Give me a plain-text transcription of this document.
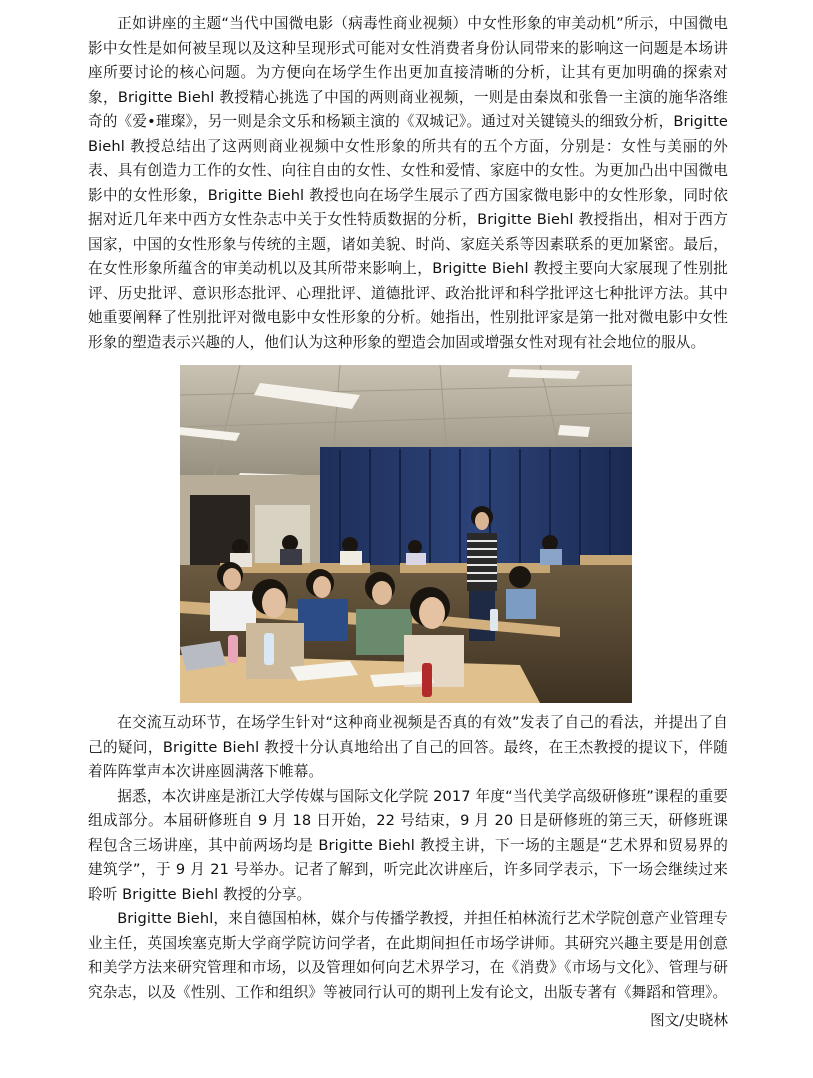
正如讲座的主题“当代中国微电影（病毒性商业视频）中女性形象的审美动机”所示，中国微电影中女性是如何被呈现以及这种呈现形式可能对女性消费者身份认同带来的影响这一问题是本场讲座所要讨论的核心问题。为方便向在场学生作出更加直接清晰的分析，让其有更加明确的探索对象，Brigitte Biehl 教授精心挑选了中国的两则商业视频，一则是由秦岚和张鲁一主演的施华洛维奇的《爱•璀璨》，另一则是余文乐和杨颖主演的《双城记》。通过对关键镜头的细致分析，Brigitte Biehl 教授总结出了这两则商业视频中女性形象的所共有的五个方面，分别是：女性与美丽的外表、具有创造力工作的女性、向往自由的女性、女性和爱情、家庭中的女性。为更加凸出中国微电影中的女性形象，Brigitte Biehl 教授也向在场学生展示了西方国家微电影中的女性形象，同时依据对近几年来中西方女性杂志中关于女性特质数据的分析，Brigitte Biehl 教授指出，相对于西方国家，中国的女性形象与传统的主题，诸如美貌、时尚、家庭关系等因素联系的更加紧密。最后，在女性形象所蕴含的审美动机以及其所带来影响上，Brigitte Biehl 教授主要向大家展现了性别批评、历史批评、意识形态批评、心理批评、道德批评、政治批评和科学批评这七种批评方法。其中她重要阐释了性别批评对微电影中女性形象的分析。她指出，性别批评家是第一批对微电影中女性形象的塑造表示兴趣的人，他们认为这种形象的塑造会加固或增强女性对现有社会地位的服从。

在交流互动环节，在场学生针对“这种商业视频是否真的有效”发表了自己的看法，并提出了自己的疑问，Brigitte Biehl 教授十分认真地给出了自己的回答。最终，在王杰教授的提议下，伴随着阵阵掌声本次讲座圆满落下帷幕。

据悉，本次讲座是浙江大学传媒与国际文化学院 2017 年度“当代美学高级研修班”课程的重要组成部分。本届研修班自 9 月 18 日开始，22 号结束，9 月 20 日是研修班的第三天，研修班课程包含三场讲座，其中前两场均是 Brigitte Biehl 教授主讲，下一场的主题是“艺术界和贸易界的建筑学”，于 9 月 21 号举办。记者了解到，听完此次讲座后，许多同学表示，下一场会继续过来聆听 Brigitte Biehl 教授的分享。

Brigitte Biehl，来自德国柏林，媒介与传播学教授，并担任柏林流行艺术学院创意产业管理专业主任，英国埃塞克斯大学商学院访问学者，在此期间担任市场学讲师。其研究兴趣主要是用创意和美学方法来研究管理和市场，以及管理如何向艺术界学习，在《消费》《市场与文化》、管理与研究杂志，以及《性别、工作和组织》等被同行认可的期刊上发有论文，出版专著有《舞蹈和管理》。

图文/史晓林
